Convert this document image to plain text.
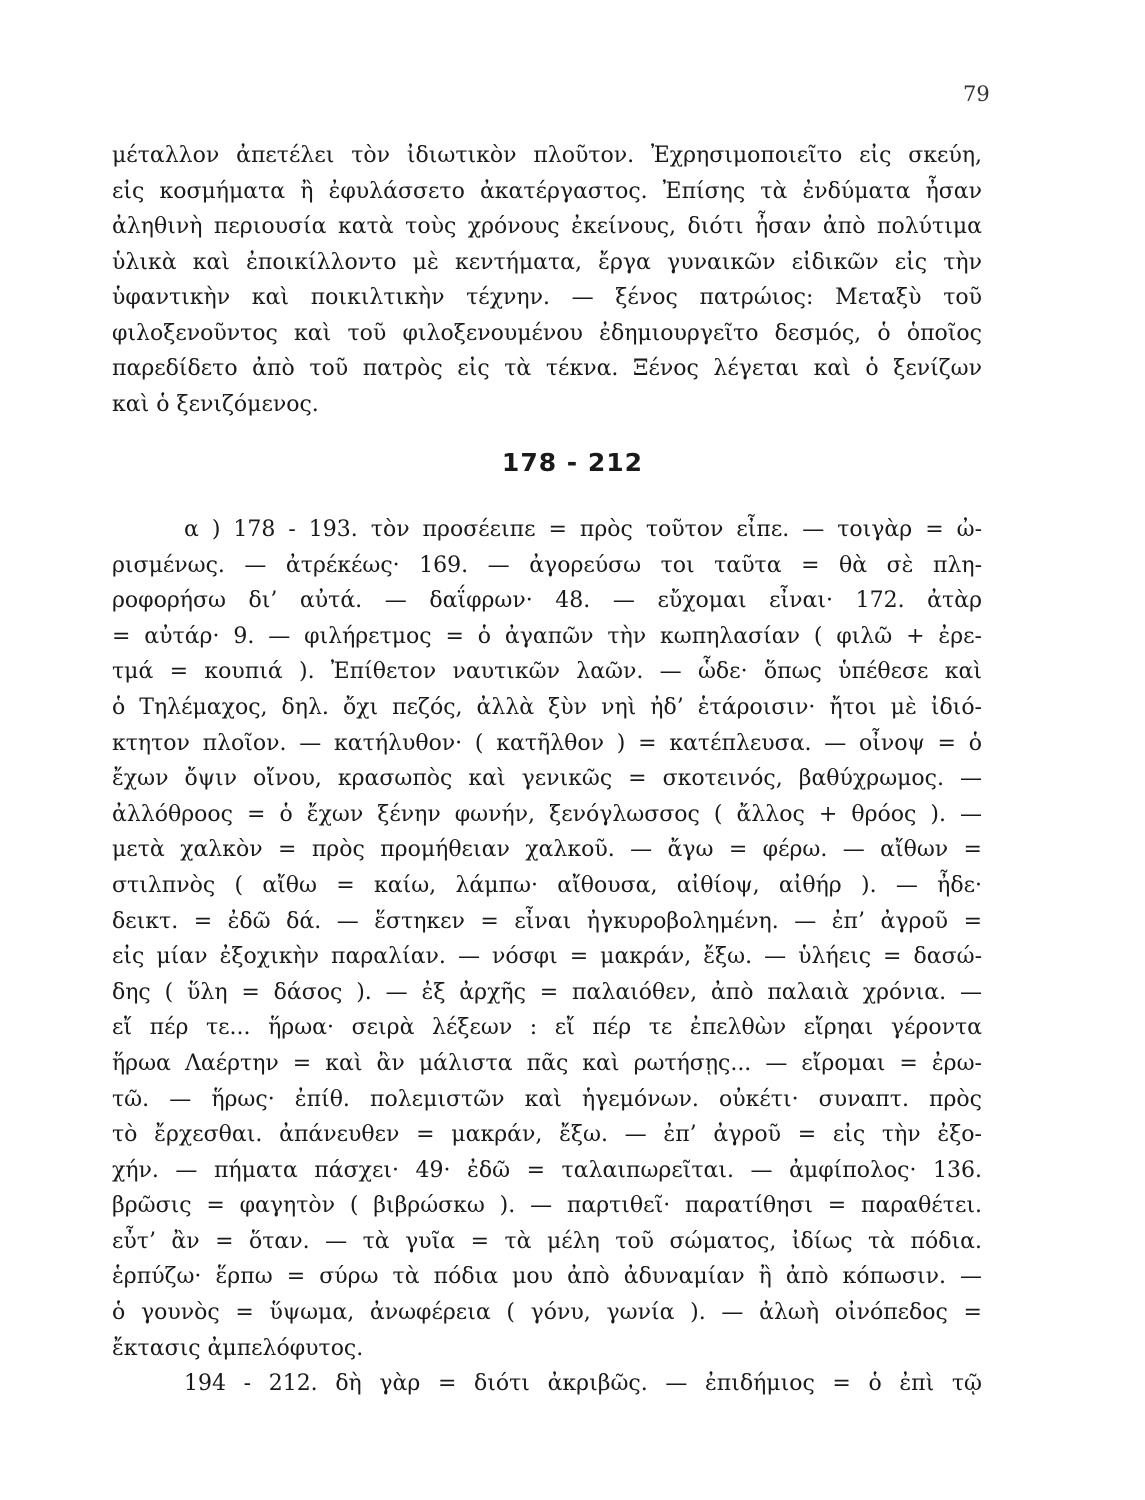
79
μέταλλον ἀπετέλει τὸν ἰδιωτικὸν πλοῦτον. Ἐχρησιμοποιεῖτο εἰς σκεύη,
εἰς κοσμήματα ἢ ἐφυλάσσετο ἀκατέργαστος. Ἐπίσης τὰ ἐνδύματα ἦσαν
ἀληθινὴ περιουσία κατὰ τοὺς χρόνους ἐκείνους, διότι ἦσαν ἀπὸ πολύτιμα
ὑλικὰ καὶ ἐποικίλλοντο μὲ κεντήματα, ἔργα γυναικῶν εἰδικῶν εἰς τὴν
ὑφαντικὴν καὶ ποικιλτικὴν τέχνην. — ξένος πατρώιος: Μεταξὺ τοῦ
φιλοξενοῦντος καὶ τοῦ φιλοξενουμένου ἐδημιουργεῖτο δεσμός, ὁ ὁποῖος
παρεδίδετο ἀπὸ τοῦ πατρὸς εἰς τὰ τέκνα. Ξένος λέγεται καὶ ὁ ξενίζων
καὶ ὁ ξενιζόμενος.
178 - 212
α ) 178 - 193. τὸν προσέειπε = πρὸς τοῦτον εἶπε. — τοιγὰρ = ὠ-
ρισμένως. — ἀτρέκέως· 169. — ἀγορεύσω τοι ταῦτα = θὰ σὲ πλη-
ροφορήσω δι’ αὐτά. — δαΐφρων· 48. — εὔχομαι εἶναι· 172. ἀτὰρ
= αὐτάρ· 9. — φιλήρετμος = ὁ ἀγαπῶν τὴν κωπηλασίαν ( φιλῶ + ἐρε-
τμά = κουπιά ). Ἐπίθετον ναυτικῶν λαῶν. — ὧδε· ὅπως ὑπέθεσε καὶ
ὁ Τηλέμαχος, δηλ. ὄχι πεζός, ἀλλὰ ξὺν νηὶ ἠδ’ ἑτάροισιν· ἤτοι μὲ ἰδιό-
κτητον πλοῖον. — κατήλυθον· ( κατῆλθον ) = κατέπλευσα. — οἶνοψ = ὁ
ἔχων ὄψιν οἴνου, κρασωπὸς καὶ γενικῶς = σκοτεινός, βαθύχρωμος. —
ἀλλόθροος = ὁ ἔχων ξένην φωνήν, ξενόγλωσσος ( ἄλλος + θρόος ). —
μετὰ χαλκὸν = πρὸς προμήθειαν χαλκοῦ. — ἄγω = φέρω. — αἴθων =
στιλπνὸς ( αἴθω = καίω, λάμπω· αἴθουσα, αἰθίοψ, αἰθήρ ). — ἦδε·
δεικτ. = ἐδῶ δά. — ἕστηκεν = εἶναι ἠγκυροβολημένη. — ἐπ’ ἀγροῦ =
εἰς μίαν ἐξοχικὴν παραλίαν. — νόσφι = μακράν, ἔξω. — ὑλήεις = δασώ-
δης ( ὕλη = δάσος ). — ἐξ ἀρχῆς = παλαιόθεν, ἀπὸ παλαιὰ χρόνια. —
εἴ πέρ τε... ἥρωα· σειρὰ λέξεων : εἴ πέρ τε ἐπελθὼν εἴρηαι γέροντα
ἥρωα Λαέρτην = καὶ ἂν μάλιστα πᾶς καὶ ρωτήσῃς... — εἴρομαι = ἐρω-
τῶ. — ἥρως· ἐπίθ. πολεμιστῶν καὶ ἡγεμόνων. οὐκέτι· συναπτ. πρὸς
τὸ ἔρχεσθαι. ἀπάνευθεν = μακράν, ἔξω. — ἐπ’ ἀγροῦ = εἰς τὴν ἐξο-
χήν. — πήματα πάσχει· 49· ἐδῶ = ταλαιπωρεῖται. — ἀμφίπολος· 136.
βρῶσις = φαγητὸν ( βιβρώσκω ). — παρτιθεῖ· παρατίθησι = παραθέτει.
εὖτ’ ἂν = ὅταν. — τὰ γυῖα = τὰ μέλη τοῦ σώματος, ἰδίως τὰ πόδια.
ἑρπύζω· ἕρπω = σύρω τὰ πόδια μου ἀπὸ ἀδυναμίαν ἢ ἀπὸ κόπωσιν. —
ὁ γουνὸς = ὕψωμα, ἀνωφέρεια ( γόνυ, γωνία ). — ἀλωὴ οἰνόπεδος =
ἔκτασις ἀμπελόφυτος.
194 - 212. δὴ γὰρ = διότι ἀκριβῶς. — ἐπιδήμιος = ὁ ἐπὶ τῷ
